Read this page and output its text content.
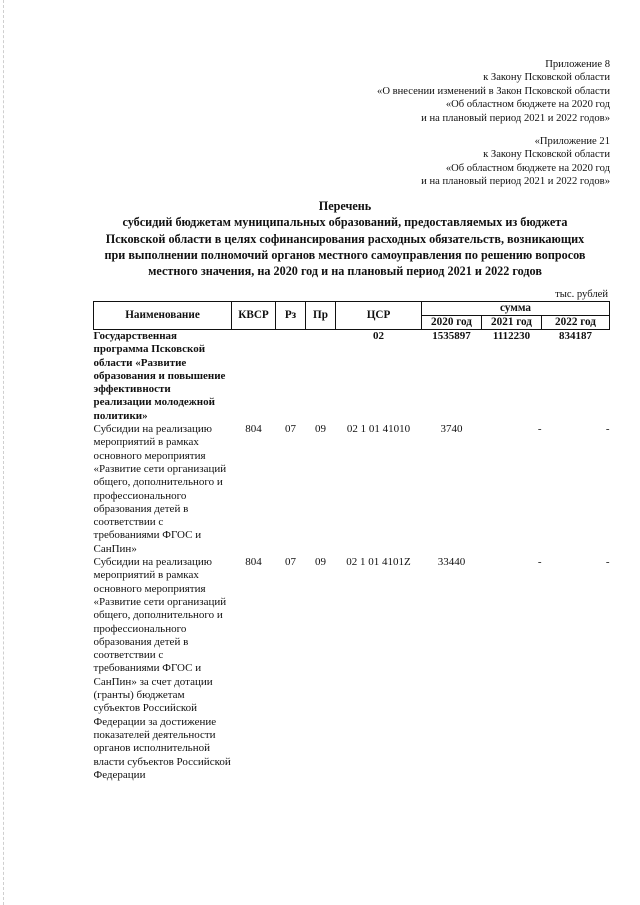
Приложение 8
к Закону Псковской области
«О внесении изменений в Закон Псковской области
«Об областном бюджете на 2020 год
и на плановый период 2021 и 2022 годов»
«Приложение 21
к Закону Псковской области
«Об областном бюджете на 2020 год
и на плановый период 2021 и 2022 годов»
Перечень
субсидий бюджетам муниципальных образований, предоставляемых из бюджета
Псковской области в целях софинансирования расходных обязательств, возникающих
при выполнении полномочий органов местного самоуправления по решению вопросов
местного значения, на 2020 год и на плановый период 2021 и 2022 годов
тыс. рублей
Наименование	КВСР	Рз	Пр	ЦСР	сумма		
					2020 год	2021 год	2022 год
Государственная программа Псковской области «Развитие образования и повышение эффективности реализации молодежной политики»				02	1535897	1112230	834187
Субсидии на реализацию мероприятий в рамках основного мероприятия «Развитие сети организаций общего, дополнительного и профессионального образования детей в соответствии с требованиями ФГОС и СанПин»	804	07	09	02 1 01 41010	3740	-	-
Субсидии на реализацию мероприятий в рамках основного мероприятия «Развитие сети организаций общего, дополнительного и профессионального образования детей в соответствии с требованиями ФГОС и СанПин» за счет дотации (гранты) бюджетам субъектов Российской Федерации за достижение показателей деятельности органов исполнительной власти субъектов Российской Федерации	804	07	09	02 1 01 4101Z	33440	-	-
